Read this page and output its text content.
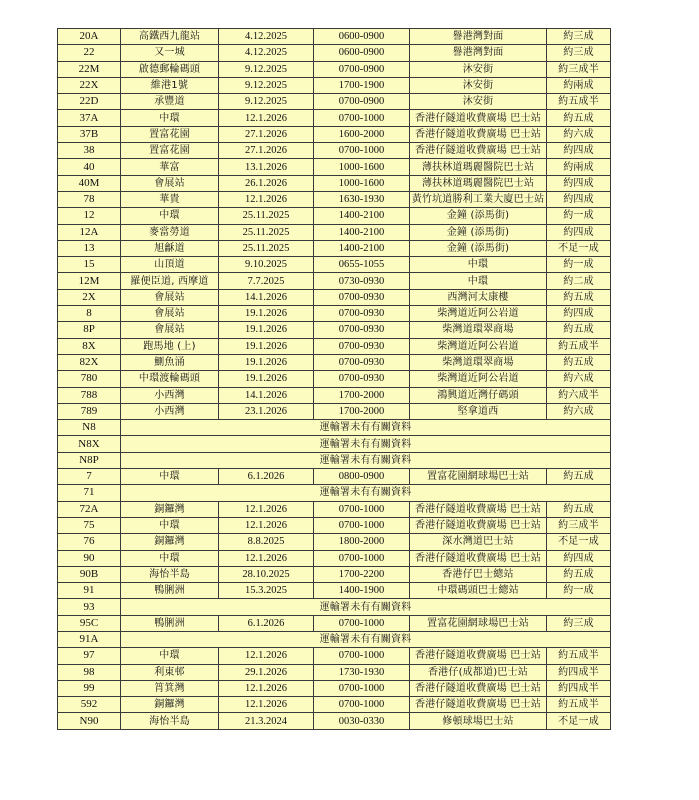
20A	高鐵西九龍站	4.12.2025	0600-0900	譽港灣對面	約三成
22	又一城	4.12.2025	0600-0900	譽港灣對面	約三成
22M	啟德郵輪碼頭	9.12.2025	0700-0900	沐安街	約三成半
22X	維港1號	9.12.2025	1700-1900	沐安街	約兩成
22D	承豐道	9.12.2025	0700-0900	沐安街	約五成半
37A	中環	12.1.2026	0700-1000	香港仔隧道收費廣場 巴士站	約五成
37B	置富花園	27.1.2026	1600-2000	香港仔隧道收費廣場 巴士站	約六成
38	置富花園	27.1.2026	0700-1000	香港仔隧道收費廣場 巴士站	約四成
40	華富	13.1.2026	1000-1600	薄扶林道瑪麗醫院巴士站	約兩成
40M	會展站	26.1.2026	1000-1600	薄扶林道瑪麗醫院巴士站	約四成
78	華貴	12.1.2026	1630-1930	黃竹坑道勝利工業大廈巴士站	約四成
12	中環	25.11.2025	1400-2100	金鐘 (添馬街)	約一成
12A	麥當勞道	25.11.2025	1400-2100	金鐘 (添馬街)	約四成
13	旭龢道	25.11.2025	1400-2100	金鐘 (添馬街)	不足一成
15	山頂道	9.10.2025	0655-1055	中環	約一成
12M	羅便臣道, 西摩道	7.7.2025	0730-0930	中環	約二成
2X	會展站	14.1.2026	0700-0930	西灣河太康樓	約五成
8	會展站	19.1.2026	0700-0930	柴灣道近阿公岩道	約四成
8P	會展站	19.1.2026	0700-0930	柴灣道環翠商場	約五成
8X	跑馬地 (上)	19.1.2026	0700-0930	柴灣道近阿公岩道	約五成半
82X	鰂魚涌	19.1.2026	0700-0930	柴灣道環翠商場	約五成
780	中環渡輪碼頭	19.1.2026	0700-0930	柴灣道近阿公岩道	約六成
788	小西灣	14.1.2026	1700-2000	鴻興道近灣仔碼頭	約六成半
789	小西灣	23.1.2026	1700-2000	堅拿道西	約六成
N8	運輸署未有有關資料				
N8X	運輸署未有有關資料				
N8P	運輸署未有有關資料				
7	中環	6.1.2026	0800-0900	置富花園網球場巴士站	約五成
71	運輸署未有有關資料				
72A	銅鑼灣	12.1.2026	0700-1000	香港仔隧道收費廣場 巴士站	約五成
75	中環	12.1.2026	0700-1000	香港仔隧道收費廣場 巴士站	約三成半
76	銅鑼灣	8.8.2025	1800-2000	深水灣道巴士站	不足一成
90	中環	12.1.2026	0700-1000	香港仔隧道收費廣場 巴士站	約四成
90B	海怡半島	28.10.2025	1700-2200	香港仔巴士總站	約五成
91	鴨脷洲	15.3.2025	1400-1900	中環碼頭巴士總站	約一成
93	運輸署未有有關資料				
95C	鴨脷洲	6.1.2026	0700-1000	置富花園網球場巴士站	約三成
91A	運輸署未有有關資料				
97	中環	12.1.2026	0700-1000	香港仔隧道收費廣場 巴士站	約五成半
98	利東邨	29.1.2026	1730-1930	香港仔(成都道)巴士站	約四成半
99	筲箕灣	12.1.2026	0700-1000	香港仔隧道收費廣場 巴士站	約四成半
592	銅鑼灣	12.1.2026	0700-1000	香港仔隧道收費廣場 巴士站	約五成半
N90	海怡半島	21.3.2024	0030-0330	修頓球場巴士站	不足一成
